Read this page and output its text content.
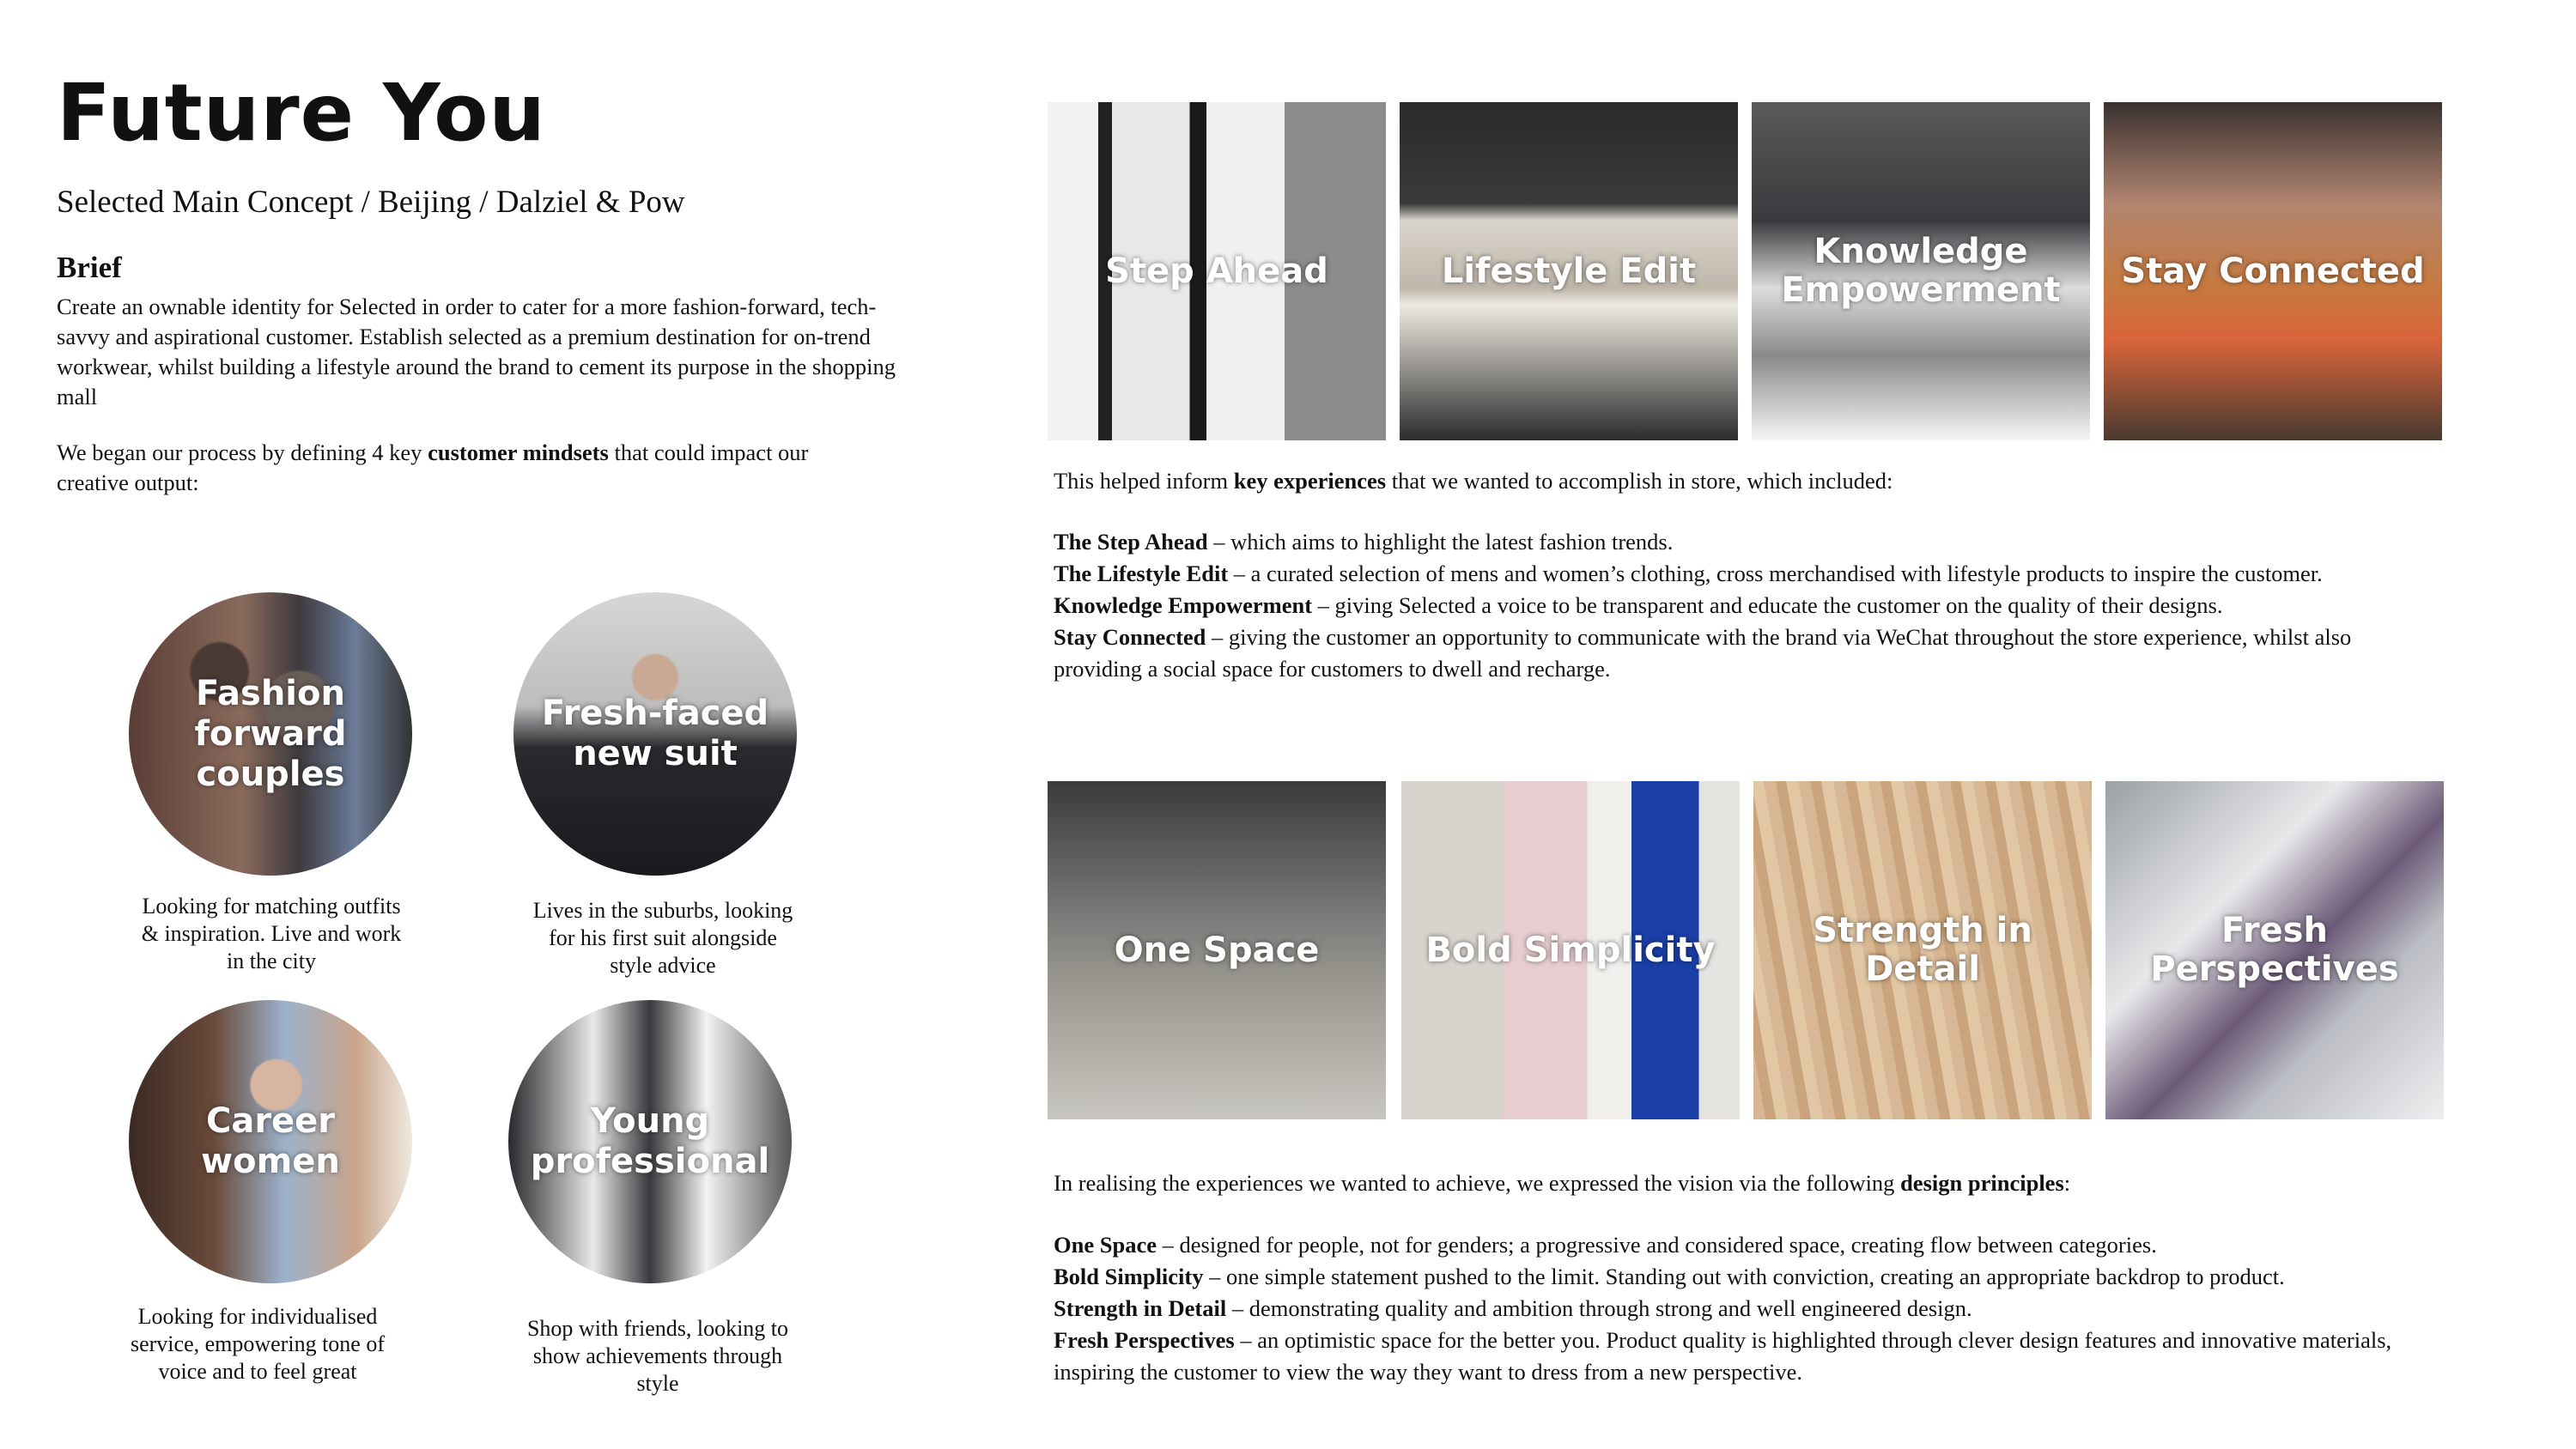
Future You
Selected Main Concept / Beijing / Dalziel & Pow
Brief
Create an ownable identity for Selected in order to cater for a more fashion-forward, tech-savvy and aspirational customer. Establish selected as a premium destination for on-trend workwear, whilst building a lifestyle around the brand to cement its purpose in the shopping mall
We began our process by defining 4 key customer mindsets that could impact our creative output:
Fashion forward couples
Fresh-faced new suit
Career women
Young professional
Looking for matching outfits & inspiration. Live and work in the city
Lives in the suburbs, looking for his first suit alongside style advice
Looking for individualised service, empowering tone of voice and to feel great
Shop with friends, looking to show achievements through style
Step Ahead	Lifestyle Edit	Knowledge Empowerment	Stay Connected
This helped inform key experiences that we wanted to accomplish in store, which included:

The Step Ahead – which aims to highlight the latest fashion trends.

The Lifestyle Edit – a curated selection of mens and women’s clothing, cross merchandised with lifestyle products to inspire the customer.

Knowledge Empowerment – giving Selected a voice to be transparent and educate the customer on the quality of their designs.

Stay Connected – giving the customer an opportunity to communicate with the brand via WeChat throughout the store experience, whilst also providing a social space for customers to dwell and recharge.

One Space	Bold Simplicity	Strength in Detail
Fresh Perspectives
In realising the experiences we wanted to achieve, we expressed the vision via the following design principles:

One Space – designed for people, not for genders; a progressive and considered space, creating flow between categories.

Bold Simplicity – one simple statement pushed to the limit. Standing out with conviction, creating an appropriate backdrop to product.

Strength in Detail – demonstrating quality and ambition through strong and well engineered design.

Fresh Perspectives – an optimistic space for the better you. Product quality is highlighted through clever design features and innovative materials, inspiring the customer to view the way they want to dress from a new perspective.
